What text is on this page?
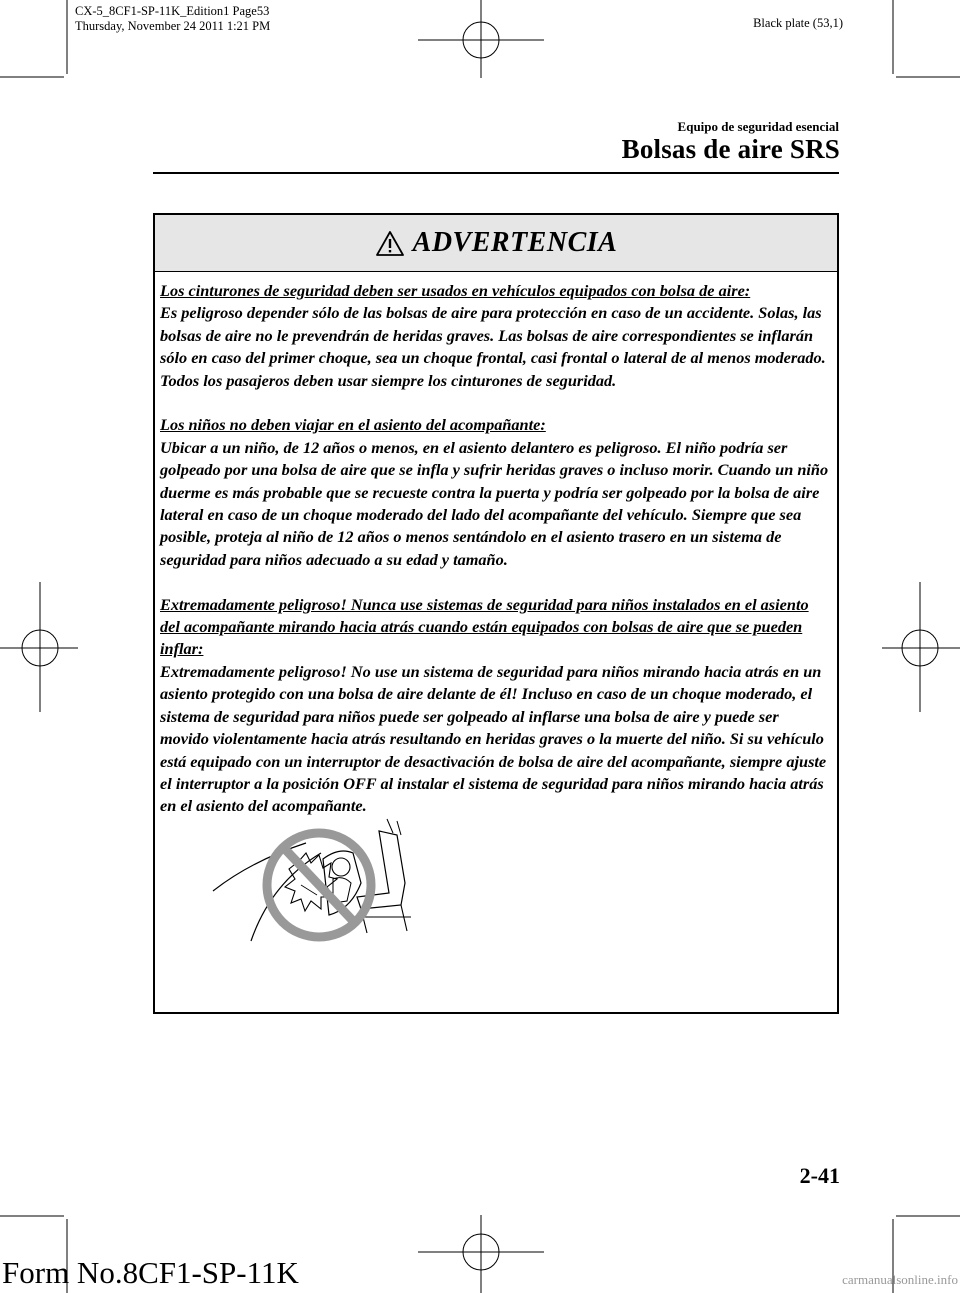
CX-5_8CF1-SP-11K_Edition1 Page53
Thursday, November 24 2011 1:21 PM	Black plate (53,1)
Equipo de seguridad esencial
Bolsas de aire SRS
ADVERTENCIA
Los cinturones de seguridad deben ser usados en vehículos equipados con bolsa de aire:
Es peligroso depender sólo de las bolsas de aire para protección en caso de un accidente. Solas, las bolsas de aire no le prevendrán de heridas graves. Las bolsas de aire correspondientes se inflarán sólo en caso del primer choque, sea un choque frontal, casi frontal o lateral de al menos moderado. Todos los pasajeros deben usar siempre los cinturones de seguridad.
Los niños no deben viajar en el asiento del acompañante:
Ubicar a un niño, de 12 años o menos, en el asiento delantero es peligroso. El niño podría ser golpeado por una bolsa de aire que se infla y sufrir heridas graves o incluso morir. Cuando un niño duerme es más probable que se recueste contra la puerta y podría ser golpeado por la bolsa de aire lateral en caso de un choque moderado del lado del acompañante del vehículo. Siempre que sea posible, proteja al niño de 12 años o menos sentándolo en el asiento trasero en un sistema de seguridad para niños adecuado a su edad y tamaño.
Extremadamente peligroso! Nunca use sistemas de seguridad para niños instalados en el asiento del acompañante mirando hacia atrás cuando están equipados con bolsas de aire que se pueden inflar:
Extremadamente peligroso! No use un sistema de seguridad para niños mirando hacia atrás en un asiento protegido con una bolsa de aire delante de él! Incluso en caso de un choque moderado, el sistema de seguridad para niños puede ser golpeado al inflarse una bolsa de aire y puede ser movido violentamente hacia atrás resultando en heridas graves o la muerte del niño. Si su vehículo está equipado con un interruptor de desactivación de bolsa de aire del acompañante, siempre ajuste el interruptor a la posición OFF al instalar el sistema de seguridad para niños mirando hacia atrás en el asiento del acompañante.
2-41
Form No.8CF1-SP-11K	carmanualsonline.info
